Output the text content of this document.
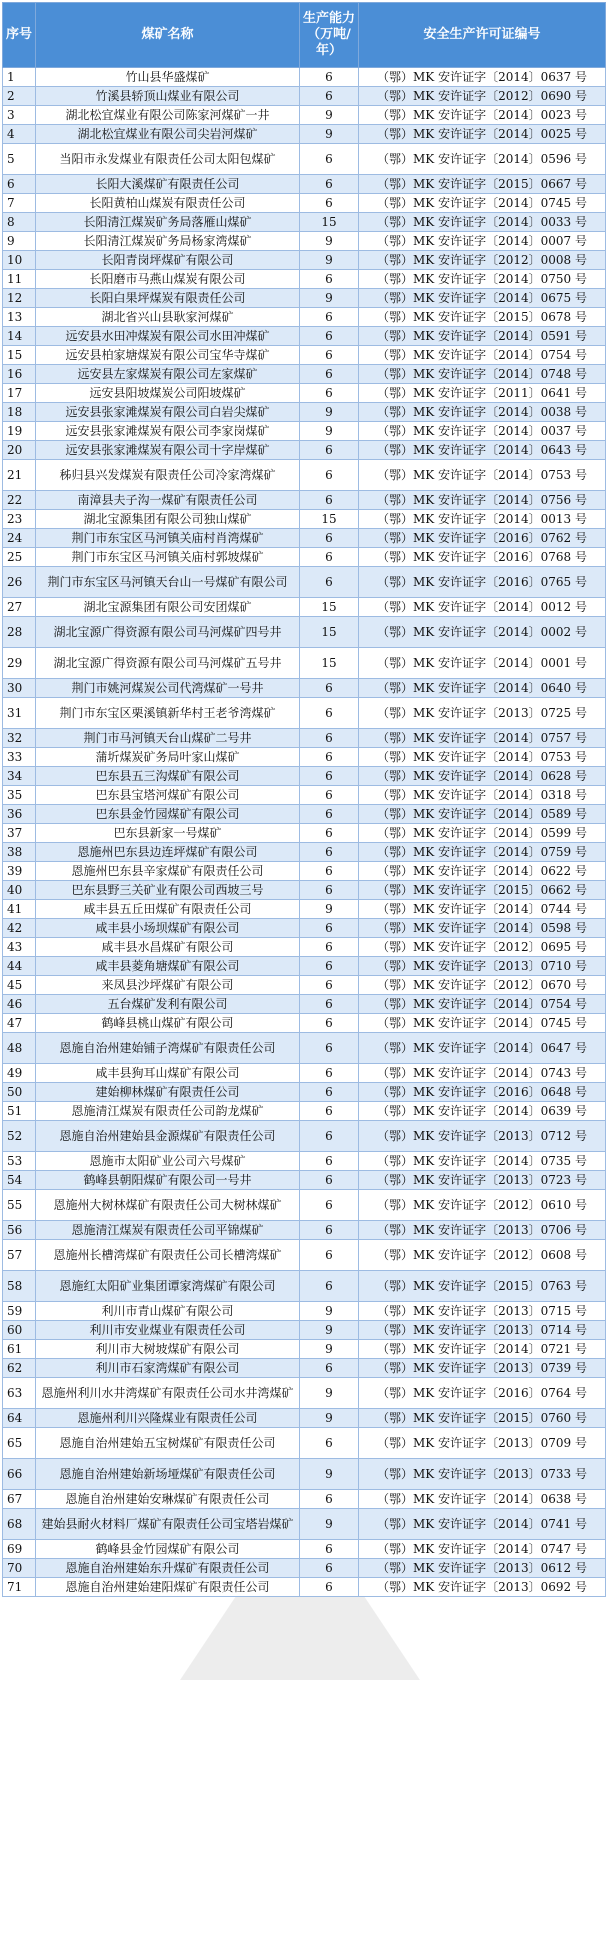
序号	煤矿名称	生产能力（万吨/年）	安全生产许可证编号
1	竹山县华盛煤矿	6	（鄂）MK 安许证字〔2014〕0637 号
2	竹溪县轿顶山煤业有限公司	6	（鄂）MK 安许证字〔2012〕0690 号
3	湖北松宜煤业有限公司陈家河煤矿一井	9	（鄂）MK 安许证字〔2014〕0023 号
4	湖北松宜煤业有限公司尖岩河煤矿	9	（鄂）MK 安许证字〔2014〕0025 号
5	当阳市永发煤业有限责任公司太阳包煤矿	6	（鄂）MK 安许证字〔2014〕0596 号
6	长阳大溪煤矿有限责任公司	6	（鄂）MK 安许证字〔2015〕0667 号
7	长阳黄柏山煤炭有限责任公司	6	（鄂）MK 安许证字〔2014〕0745 号
8	长阳清江煤炭矿务局落雁山煤矿	15	（鄂）MK 安许证字〔2014〕0033 号
9	长阳清江煤炭矿务局杨家湾煤矿	9	（鄂）MK 安许证字〔2014〕0007 号
10	长阳青岗坪煤矿有限公司	9	（鄂）MK 安许证字〔2012〕0008 号
11	长阳磨市马燕山煤炭有限公司	6	（鄂）MK 安许证字〔2014〕0750 号
12	长阳白果坪煤炭有限责任公司	9	（鄂）MK 安许证字〔2014〕0675 号
13	湖北省兴山县耿家河煤矿	6	（鄂）MK 安许证字〔2015〕0678 号
14	远安县水田冲煤炭有限公司水田冲煤矿	6	（鄂）MK 安许证字〔2014〕0591 号
15	远安县柏家塘煤炭有限公司宝华寺煤矿	6	（鄂）MK 安许证字〔2014〕0754 号
16	远安县左家煤炭有限公司左家煤矿	6	（鄂）MK 安许证字〔2014〕0748 号
17	远安县阳坡煤炭公司阳坡煤矿	6	（鄂）MK 安许证字〔2011〕0641 号
18	远安县张家滩煤炭有限公司白岩尖煤矿	9	（鄂）MK 安许证字〔2014〕0038 号
19	远安县张家滩煤炭有限公司李家岗煤矿	9	（鄂）MK 安许证字〔2014〕0037 号
20	远安县张家滩煤炭有限公司十字岸煤矿	6	（鄂）MK 安许证字〔2014〕0643 号
21	秭归县兴发煤炭有限责任公司冷家湾煤矿	6	（鄂）MK 安许证字〔2014〕0753 号
22	南漳县夫子沟一煤矿有限责任公司	6	（鄂）MK 安许证字〔2014〕0756 号
23	湖北宝源集团有限公司独山煤矿	15	（鄂）MK 安许证字〔2014〕0013 号
24	荆门市东宝区马河镇关庙村肖湾煤矿	6	（鄂）MK 安许证字〔2016〕0762 号
25	荆门市东宝区马河镇关庙村郭坡煤矿	6	（鄂）MK 安许证字〔2016〕0768 号
26	荆门市东宝区马河镇天台山一号煤矿有限公司	6	（鄂）MK 安许证字〔2016〕0765 号
27	湖北宝源集团有限公司安团煤矿	15	（鄂）MK 安许证字〔2014〕0012 号
28	湖北宝源广得资源有限公司马河煤矿四号井	15	（鄂）MK 安许证字〔2014〕0002 号
29	湖北宝源广得资源有限公司马河煤矿五号井	15	（鄂）MK 安许证字〔2014〕0001 号
30	荆门市姚河煤炭公司代湾煤矿一号井	6	（鄂）MK 安许证字〔2014〕0640 号
31	荆门市东宝区栗溪镇新华村王老爷湾煤矿	6	（鄂）MK 安许证字〔2013〕0725 号
32	荆门市马河镇天台山煤矿二号井	6	（鄂）MK 安许证字〔2014〕0757 号
33	蒲圻煤炭矿务局叶家山煤矿	6	（鄂）MK 安许证字〔2014〕0753 号
34	巴东县五三沟煤矿有限公司	6	（鄂）MK 安许证字〔2014〕0628 号
35	巴东县宝塔河煤矿有限公司	6	（鄂）MK 安许证字〔2014〕0318 号
36	巴东县金竹园煤矿有限公司	6	（鄂）MK 安许证字〔2014〕0589 号
37	巴东县新家一号煤矿	6	（鄂）MK 安许证字〔2014〕0599 号
38	恩施州巴东县边连坪煤矿有限公司	6	（鄂）MK 安许证字〔2014〕0759 号
39	恩施州巴东县辛家煤矿有限责任公司	6	（鄂）MK 安许证字〔2014〕0622 号
40	巴东县野三关矿业有限公司西坡三号	6	（鄂）MK 安许证字〔2015〕0662 号
41	咸丰县五丘田煤矿有限责任公司	9	（鄂）MK 安许证字〔2014〕0744 号
42	咸丰县小场坝煤矿有限公司	6	（鄂）MK 安许证字〔2014〕0598 号
43	咸丰县水昌煤矿有限公司	6	（鄂）MK 安许证字〔2012〕0695 号
44	咸丰县菱角塘煤矿有限公司	6	（鄂）MK 安许证字〔2013〕0710 号
45	来凤县沙坪煤矿有限公司	6	（鄂）MK 安许证字〔2012〕0670 号
46	五台煤矿发利有限公司	6	（鄂）MK 安许证字〔2014〕0754 号
47	鹤峰县桃山煤矿有限公司	6	（鄂）MK 安许证字〔2014〕0745 号
48	恩施自治州建始铺子湾煤矿有限责任公司	6	（鄂）MK 安许证字〔2014〕0647 号
49	咸丰县狗耳山煤矿有限公司	6	（鄂）MK 安许证字〔2014〕0743 号
50	建始柳林煤矿有限责任公司	6	（鄂）MK 安许证字〔2016〕0648 号
51	恩施清江煤炭有限责任公司韵龙煤矿	6	（鄂）MK 安许证字〔2014〕0639 号
52	恩施自治州建始县金源煤矿有限责任公司	6	（鄂）MK 安许证字〔2013〕0712 号
53	恩施市太阳矿业公司六号煤矿	6	（鄂）MK 安许证字〔2014〕0735 号
54	鹤峰县朝阳煤矿有限公司一号井	6	（鄂）MK 安许证字〔2013〕0723 号
55	恩施州大树林煤矿有限责任公司大树林煤矿	6	（鄂）MK 安许证字〔2012〕0610 号
56	恩施清江煤炭有限责任公司平锦煤矿	6	（鄂）MK 安许证字〔2013〕0706 号
57	恩施州长槽湾煤矿有限责任公司长槽湾煤矿	6	（鄂）MK 安许证字〔2012〕0608 号
58	恩施红太阳矿业集团谭家湾煤矿有限公司	6	（鄂）MK 安许证字〔2015〕0763 号
59	利川市青山煤矿有限公司	9	（鄂）MK 安许证字〔2013〕0715 号
60	利川市安业煤业有限责任公司	9	（鄂）MK 安许证字〔2013〕0714 号
61	利川市大树坡煤矿有限公司	9	（鄂）MK 安许证字〔2014〕0721 号
62	利川市石家湾煤矿有限公司	6	（鄂）MK 安许证字〔2013〕0739 号
63	恩施州利川水井湾煤矿有限责任公司水井湾煤矿	9	（鄂）MK 安许证字〔2016〕0764 号
64	恩施州利川兴隆煤业有限责任公司	9	（鄂）MK 安许证字〔2015〕0760 号
65	恩施自治州建始五宝树煤矿有限责任公司	6	（鄂）MK 安许证字〔2013〕0709 号
66	恩施自治州建始新场垭煤矿有限责任公司	9	（鄂）MK 安许证字〔2013〕0733 号
67	恩施自治州建始安琳煤矿有限责任公司	6	（鄂）MK 安许证字〔2014〕0638 号
68	建始县耐火材料厂煤矿有限责任公司宝塔岩煤矿	9	（鄂）MK 安许证字〔2014〕0741 号
69	鹤峰县金竹园煤矿有限公司	6	（鄂）MK 安许证字〔2014〕0747 号
70	恩施自治州建始东升煤矿有限责任公司	6	（鄂）MK 安许证字〔2013〕0612 号
71	恩施自治州建始建阳煤矿有限责任公司	6	（鄂）MK 安许证字〔2013〕0692 号
